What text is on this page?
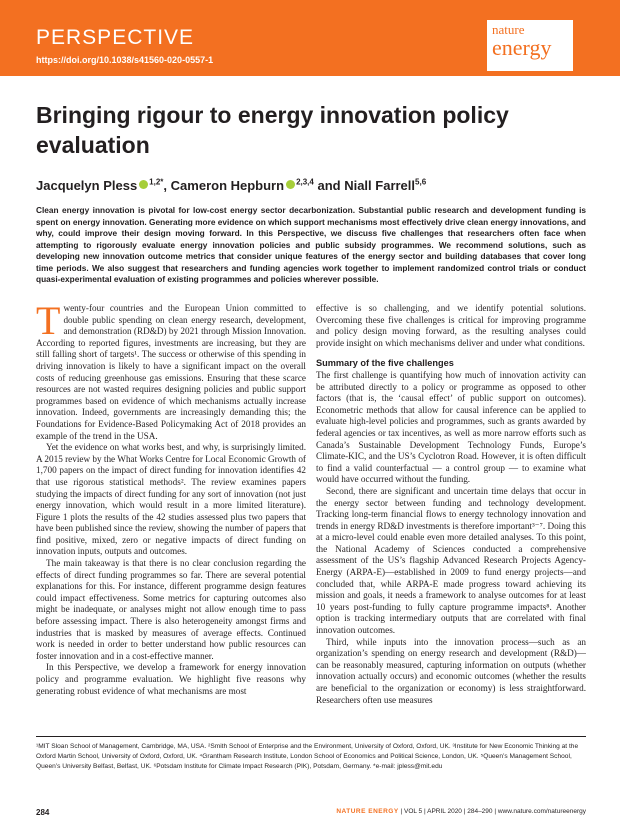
PERSPECTIVE
https://doi.org/10.1038/s41560-020-0557-1
nature
energy
Bringing rigour to energy innovation policy evaluation
Jacquelyn Pless $^{1,2*}$, Cameron Hepburn $^{2,3,4}$ and Niall Farrell$^{5,6}$

Clean energy innovation is pivotal for low-cost energy sector decarbonization. Substantial public research and development funding is spent on energy innovation. Generating more evidence on which support mechanisms most effectively drive clean energy innovations, and why, could improve their design moving forward. In this Perspective, we discuss five challenges that researchers often face when attempting to rigorously evaluate energy innovation policies and public subsidy programmes. We recommend solutions, such as developing new innovation outcome metrics that consider unique features of the energy sector and building databases that cover long time periods. We also suggest that researchers and funding agencies work together to implement randomized control trials or conduct quasi-experimental evaluation of existing programmes and policies wherever possible.

Twenty-four countries and the European Union committed to double public spending on clean energy research, development, and demonstration (RD&D) by 2021 through Mission Innovation. According to reported figures, investments are increasing, but they are still falling short of targets¹. The success or otherwise of this spending in driving innovation is likely to have a significant impact on the overall costs of reducing greenhouse gas emissions. Ensuring that these scarce resources are not wasted requires designing policies and public support programmes based on evidence of which mechanisms actually increase innovation. Indeed, governments are increasingly demanding this; the Foundations for Evidence-Based Policymaking Act of 2018 provides an example of the trend in the USA.

Yet the evidence on what works best, and why, is surprisingly limited. A 2015 review by the What Works Centre for Local Economic Growth of 1,700 papers on the impact of direct funding for innovation identifies 42 that use rigorous statistical methods². The review examines papers studying the impacts of direct funding for any sort of innovation (not just energy innovation, which would result in a more limited literature). Figure 1 plots the results of the 42 studies assessed plus two papers that have been published since the review, showing the number of papers that find positive, mixed, zero or negative impacts of direct funding on innovation inputs, outputs and outcomes.

The main takeaway is that there is no clear conclusion regarding the effects of direct funding programmes so far. There are several potential explanations for this. For instance, different programme design features could impact effectiveness. Some metrics for capturing outcomes also might be inadequate, or analyses might not allow enough time to pass before assessing impact. There is also heterogeneity amongst firms and industries that is masked by measures of average effects. Continued work is needed in order to better understand how public resources can foster innovation and in a cost-effective manner.

In this Perspective, we develop a framework for energy innovation policy and programme evaluation. We highlight five reasons why generating robust evidence of what mechanisms are most

effective is so challenging, and we identify potential solutions. Overcoming these five challenges is critical for improving programme and policy design moving forward, as the resulting analyses could provide insight on which mechanisms deliver and under what conditions.

Summary of the five challenges

The first challenge is quantifying how much of innovation activity can be attributed directly to a policy or programme as opposed to other factors (that is, the ‘causal effect’ of public support on outcomes). Econometric methods that allow for causal inference can be applied to evaluate high-level policies and programmes, such as grants awarded by federal agencies or tax incentives, as well as more narrow efforts such as Canada’s Sustainable Development Technology Funds, Europe’s Climate-KIC, and the US’s Cyclotron Road. However, it is often difficult to find a valid counterfactual — a control group — to examine what would have occurred without the funding.

Second, there are significant and uncertain time delays that occur in the energy sector between funding and technology development. Tracking long-term financial flows to energy technology innovation and trends in energy RD&D investments is therefore important³⁻⁷. Doing this at a micro-level could enable even more detailed analyses. To this point, the National Academy of Sciences conducted a comprehensive assessment of the US’s flagship Advanced Research Projects Agency-Energy (ARPA-E)—established in 2009 to fund energy projects—and concluded that, while ARPA-E made progress toward achieving its mission and goals, it needs a framework to analyse outcomes for at least 10 years post-funding to fully capture programme impacts⁸. Another option is tracking intermediary outputs that are correlated with final innovation outcomes.

Third, while inputs into the innovation process—such as an organization’s spending on energy research and development (R&D)—can be reasonably measured, capturing information on outputs (whether innovation actually occurs) and economic outcomes (whether the results are beneficial to the organization or economy) is less straightforward. Researchers often use measures

¹MIT Sloan School of Management, Cambridge, MA, USA. ²Smith School of Enterprise and the Environment, University of Oxford, Oxford, UK. ³Institute for New Economic Thinking at the Oxford Martin School, University of Oxford, Oxford, UK. ⁴Grantham Research Institute, London School of Economics and Political Science, London, UK. ⁵Queen’s Management School, Queen’s University Belfast, Belfast, UK. ⁶Potsdam Institute for Climate Impact Research (PIK), Potsdam, Germany. *e-mail: jpless@mit.edu

284	NATURE ENERGY | VOL 5 | APRIL 2020 | 284–290 | www.nature.com/natureenergy
